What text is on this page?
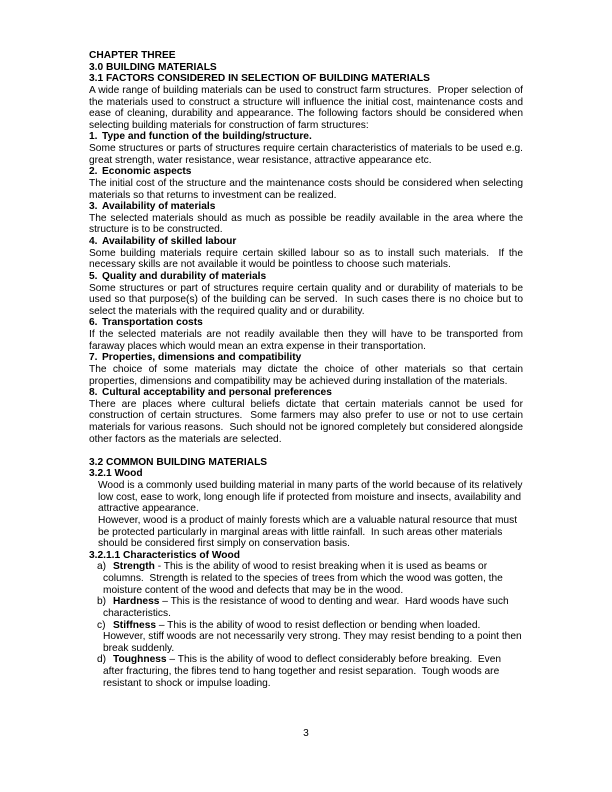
CHAPTER THREE
3.0 BUILDING MATERIALS
3.1 FACTORS CONSIDERED IN SELECTION OF BUILDING MATERIALS
A wide range of building materials can be used to construct farm structures.  Proper selection of the materials used to construct a structure will influence the initial cost, maintenance costs and ease of cleaning, durability and appearance. The following factors should be considered when selecting building materials for construction of farm structures:
1. Type and function of the building/structure.
Some structures or parts of structures require certain characteristics of materials to be used e.g. great strength, water resistance, wear resistance, attractive appearance etc.
2. Economic aspects
The initial cost of the structure and the maintenance costs should be considered when selecting materials so that returns to investment can be realized.
3. Availability of materials
The selected materials should as much as possible be readily available in the area where the structure is to be constructed.
4. Availability of skilled labour
Some building materials require certain skilled labour so as to install such materials.  If the necessary skills are not available it would be pointless to choose such materials.
5. Quality and durability of materials
Some structures or part of structures require certain quality and or durability of materials to be used so that purpose(s) of the building can be served.  In such cases there is no choice but to select the materials with the required quality and or durability.
6. Transportation costs
If the selected materials are not readily available then they will have to be transported from faraway places which would mean an extra expense in their transportation.
7. Properties, dimensions and compatibility
The choice of some materials may dictate the choice of other materials so that certain properties, dimensions and compatibility may be achieved during installation of the materials.
8. Cultural acceptability and personal preferences
There are places where cultural beliefs dictate that certain materials cannot be used for construction of certain structures.  Some farmers may also prefer to use or not to use certain materials for various reasons.  Such should not be ignored completely but considered alongside other factors as the materials are selected.
3.2 COMMON BUILDING MATERIALS
3.2.1 Wood
Wood is a commonly used building material in many parts of the world because of its relatively low cost, ease to work, long enough life if protected from moisture and insects, availability and attractive appearance.
However, wood is a product of mainly forests which are a valuable natural resource that must be protected particularly in marginal areas with little rainfall.  In such areas other materials should be considered first simply on conservation basis.
3.2.1.1 Characteristics of Wood
a) Strength - This is the ability of wood to resist breaking when it is used as beams or columns.  Strength is related to the species of trees from which the wood was gotten, the moisture content of the wood and defects that may be in the wood.
b) Hardness – This is the resistance of wood to denting and wear.  Hard woods have such characteristics.
c) Stiffness – This is the ability of wood to resist deflection or bending when loaded. However, stiff woods are not necessarily very strong. They may resist bending to a point then break suddenly.
d) Toughness – This is the ability of wood to deflect considerably before breaking.  Even after fracturing, the fibres tend to hang together and resist separation.  Tough woods are resistant to shock or impulse loading.
3
